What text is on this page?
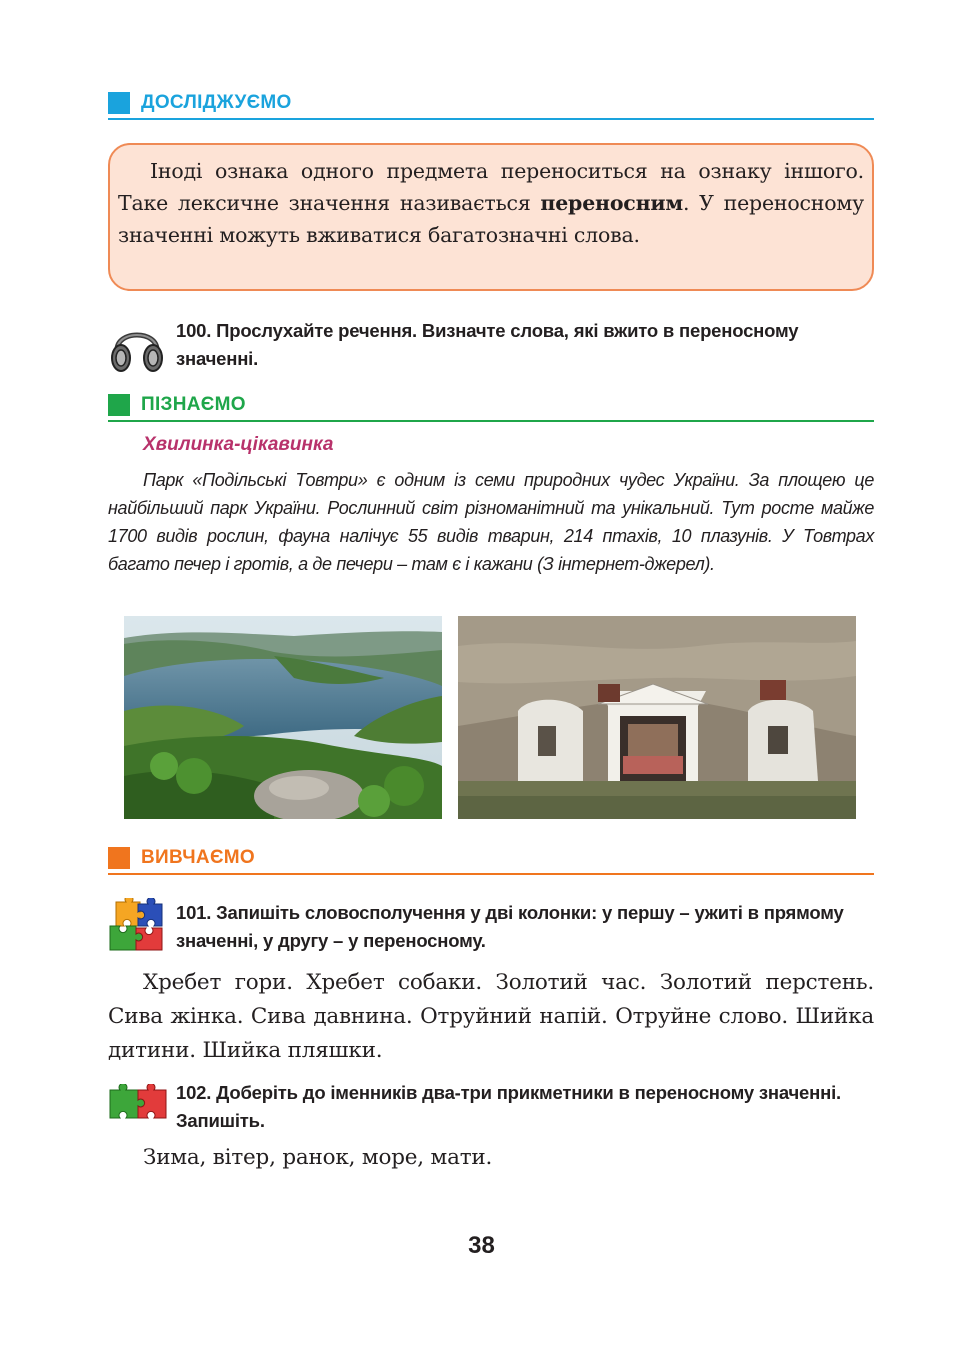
ДОСЛІДЖУЄМО

Іноді ознака одного предмета переноситься на ознаку іншого. Таке лексичне значення називається переносним. У переносному значенні можуть вживатися багатозначні слова.

100. Прослухайте речення. Визначте слова, які вжито в переносному значенні.
ПІЗНАЄМО
Хвилинка-цікавинка
Парк «Подільські Товтри» є одним із семи природних чудес України. За площею це найбільший парк України. Рослинний світ різноманітний та унікальний. Тут росте майже 1700 видів рослин, фауна налічує 55 видів тварин, 214 птахів, 10 плазунів. У Товтрах багато печер і гротів, а де печери – там є і кажани (З інтернет-джерел).
ВИВЧАЄМО
101. Запишіть словосполучення у дві колонки: у першу – ужиті в прямому значенні, у другу – у переносному.
Хребет гори. Хребет собаки. Золотий час. Золотий перстень. Сива жінка. Сива давнина. Отруйний напій. Отруйне слово. Шийка дитини. Шийка пляшки.
102. Доберіть до іменників два-три прикметники в переносному значенні. Запишіть.
Зима, вітер, ранок, море, мати.
38
